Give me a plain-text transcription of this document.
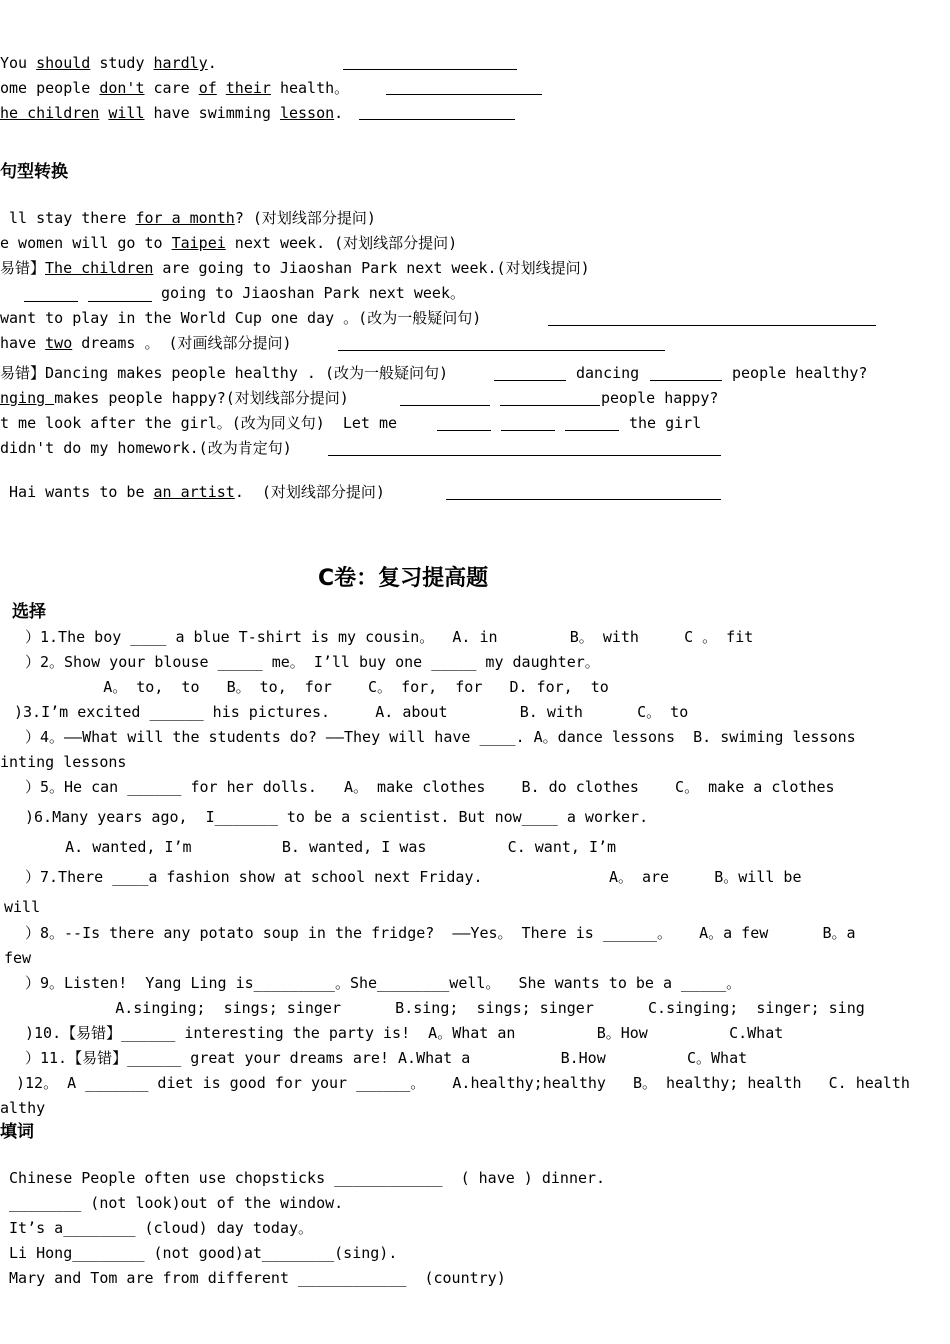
You should study hardly.
ome people don't care of their health。
he children will have swimming lesson.
句型转换
ll stay there for a month? (对划线部分提问)
e women will go to Taipei next week. (对划线部分提问)
易错】The children are going to Jiaoshan Park next week.(对划线提问)
going to Jiaoshan Park next week。
want to play in the World Cup one day 。(改为一般疑问句)
have two dreams 。 (对画线部分提问)
易错】Dancing makes people healthy . (改为一般疑问句)	dancing	people healthy?
nging makes people happy?(对划线部分提问)	people happy?
t me look after the girl。(改为同义句)  Let me	the girl
didn't do my homework.(改为肯定句)
Hai wants to be an artist.  (对划线部分提问)
C卷：复习提高题
选择
）1.The boy ____ a blue T-shirt is my cousin。  A. in        B。 with     C 。 fit
）2。Show your blouse _____ me。 I’ll buy one _____ my daughter。
A。 to,  to   B。 to,  for    C。 for,  for   D. for,  to
)3.I’m excited ______ his pictures.     A. about        B. with      C。 to
）4。——What will the students do? ——They will have ____. A。dance lessons  B. swiming lessons
inting lessons
）5。He can ______ for her dolls.   A。 make clothes    B. do clothes    C。 make a clothes
)6.Many years ago,  I_______ to be a scientist. But now____ a worker.
A. wanted, I’m          B. wanted, I was         C. want, I’m
）7.There ____a fashion show at school next Friday.              A。 are     B。will be
will
）8。--Is there any potato soup in the fridge?  ——Yes。 There is ______。   A。a few      B。a
few
）9。Listen!  Yang Ling is_________。She________well。  She wants to be a _____。
A.singing;  sings; singer      B.sing;  sings; singer      C.singing;  singer; sing
)10.【易错】______ interesting the party is!  A。What an         B。How         C.What
）11.【易错】______ great your dreams are! A.What a          B.How         C。What
)12。 A _______ diet is good for your ______。   A.healthy;healthy   B。 healthy; health   C. health
althy
填词
Chinese People often use chopsticks ____________  ( have ) dinner.
________ (not look)out of the window.
It’s a________ (cloud) day today。
Li Hong________ (not good)at________(sing).
Mary and Tom are from different ____________  (country)
